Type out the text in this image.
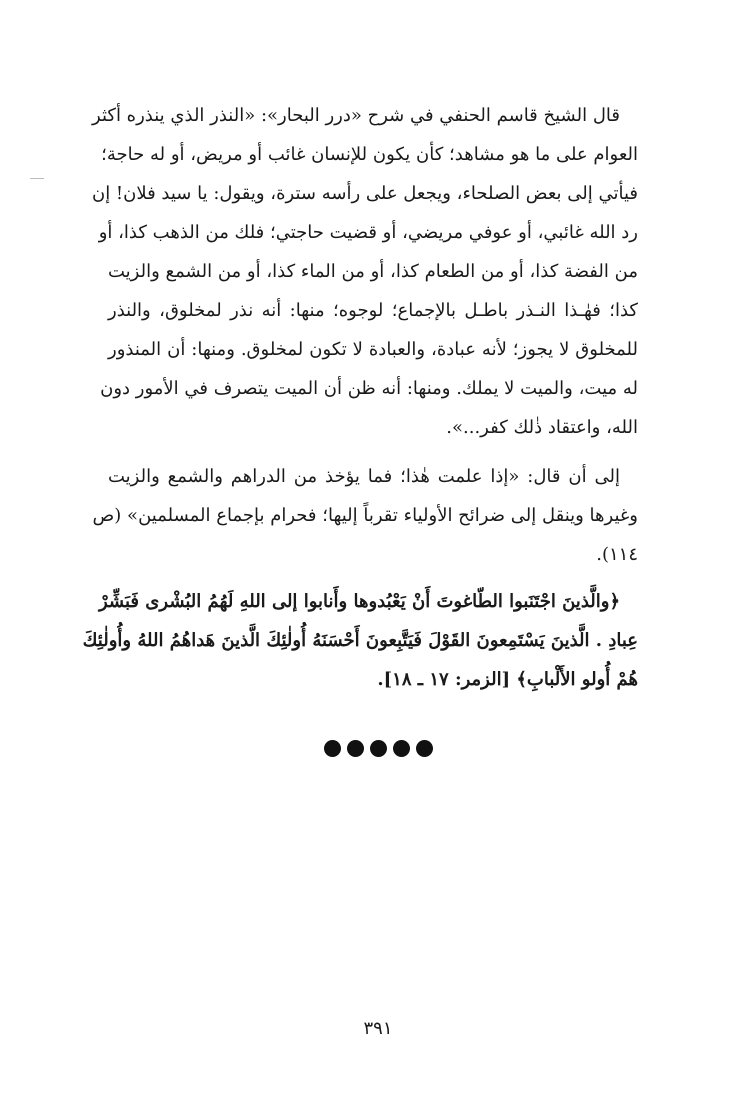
قال الشيخ قاسم الحنفي في شرح «درر البحار»: «النذر الذي ينذره أكثر
العوام على ما هو مشاهد؛ كأن يكون للإنسان غائب أو مريض، أو له حاجة؛
فيأتي إلى بعض الصلحاء، ويجعل على رأسه سترة، ويقول: يا سيد فلان! إن
رد الله غائبي، أو عوفي مريضي، أو قضيت حاجتي؛ فلك من الذهب كذا، أو
من الفضة كذا، أو من الطعام كذا، أو من الماء كذا، أو من الشمع والزيت
كذا؛ فهٰـذا النـذر باطـل بالإجماع؛ لوجوه؛ منها: أنه نذر لمخلوق، والنذر
للمخلوق لا يجوز؛ لأنه عبادة، والعبادة لا تكون لمخلوق. ومنها: أن المنذور
له ميت، والميت لا يملك. ومنها: أنه ظن أن الميت يتصرف في الأمور دون
الله، واعتقاد ذٰلك كفر...».
إلى أن قال: «إذا علمت هٰذا؛ فما يؤخذ من الدراهم والشمع والزيت
وغيرها وينقل إلى ضرائح الأولياء تقرباً إليها؛ فحرام بإجماع المسلمين» (ص
١١٤).
﴿والَّذينَ اجْتَنَبوا الطّاغوتَ أَنْ يَعْبُدوها وأَنابوا إلى اللهِ لَهُمُ البُشْرى فَبَشِّرْ
عِبادِ . الَّذينَ يَسْتَمِعونَ القَوْلَ فَيَتَّبِعونَ أَحْسَنَهُ أُولٰئِكَ الَّذينَ هَداهُمُ اللهُ وأُولٰئِكَ
هُمْ أُولو الأَلْبابِ﴾ [الزمر: ١٧ ـ ١٨].
٣٩١
